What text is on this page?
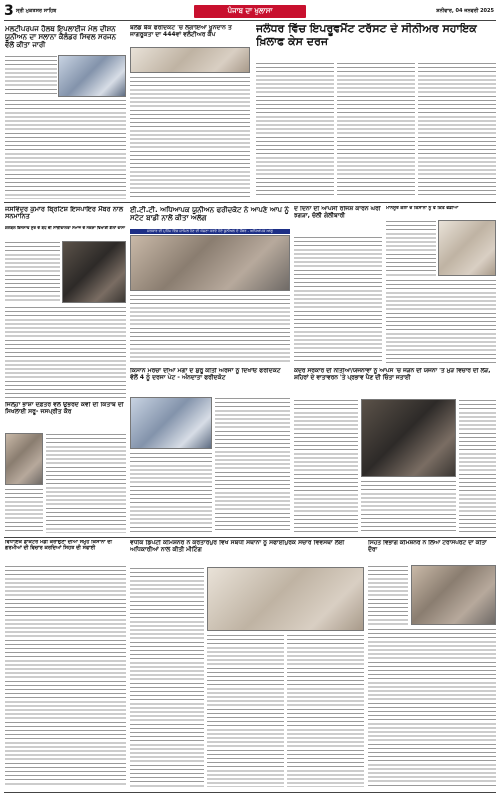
3 ਸ੍ਰੀ ਮੁਕਤਸਰ ਸਾਹਿਬ	ਪੰਜਾਬ ਦਾ ਖੁਲਾਸਾ	ਸ਼ਨੀਵਾਰ, 04 ਜਨਵਰੀ 2025
ਮਲਟੀਪਰਪਜ ਹੈਲਥ ਇਪਲਾਈਜ ਮੇਲ ਦੀਸ਼ਨ ਯੂਨੀਅਨ ਦਾ ਸਲਾਨਾ ਕੈਲੰਡਰ ਸਿਵਲ ਸਰਜਨ ਵੱਲੋਂ ਕੀਤਾ ਜਾਰੀ
ਬਲੱਡ ਬੈਂਕ ਫਰੀਦਕੋਟ 'ਚ ਲਗਾਇਆ ਖੂਨਦਾਨ ਤੇ ਜਾਗਰੂਕਤਾ ਦਾ 444ਵਾਂ ਵਲੰਟੀਅਰ ਕੈਂਪ	ਜਲੰਧਰ ਵਿੱਚ ਇਪਰੂਵਮੈਂਟ ਟਰੱਸਟ ਦੇ ਸੀਨੀਅਰ ਸਹਾਇਕ ਖ਼ਿਲਾਫ ਕੇਸ ਦਰਜ
ਜਸਵਿੰਦਰ ਕੁਮਾਰ ਬ੍ਰਿਟਿਸ਼ ਇਸਪਾਇਰ ਮੈਂਬਰ ਨਾਲ ਸਨਮਾਨਿਤ
ਗਲੋਬਲ ਇਨਸਾਫ ਸੁਰ ਦੇ ਬੋਧ ਦੀ ਸਾਂਝੀਵਾਲਤਾ ਸਮਾਜ ਦੇ ਨਕਸ਼ਾ ਵਿਖਾਈ ਗੱਲਾਂ ਵਾਸਾ
ਈ.ਟੀ.ਟੀ. ਅਧਿਆਪਕ ਯੂਨੀਅਨ ਫਰੀਦਕੋਟ ਨੇ ਆਪਣੇ ਆਪ ਨੂੰ ਸਟੇਟ ਬਾਡੀ ਨਾਲੋਂ ਕੀਤਾ ਅਲੱਗ
ਸਰਕਾਰ ਦੀ ਮੁਹਿੰਮ ਵਿੱਚ ਸ਼ਾਮਿਲ ਹੋਣ ਦੀ ਘੋਸ਼ਣਾ ਕਰਦੇ ਹੋਏ ਯੂਨੀਅਨ ਦੇ ਮੈਂਬਰ - ਅਧਿਆਪਕ ਆਗੂ
ਦੋ ਦਿਨਾਂ ਦੀ ਆਪਸੀ ਰੰਜਿਸ਼ ਕਾਰਨ ਘਰੀ ਝਗੜਾ, ਚੱਲੀ ਗੋਲੀਬਾਰੀ
ਮਾਨਸੂਰ ਕਲਾਂ ਦੇ ਕਿਸਾਨਾਂ ਨੂੰ ਫੈ ਕਿੱਤੇ ਵੰਡੀਆਂ
ਜਿਲ੍ਹਾ ਭਾਸ਼ਾ ਦਫ਼ਤਰ ਵੱਲੋਂ ਉਭਰਦੇ ਕਵੀ ਦੀ ਕਿਤਾਬ ਦੀ ਸਿਖਲਾਈ ਸਰੂ- ਜਸਪ੍ਰੀਤ ਕੌਰ
ਕਿਸਾਨ ਮੋਰਚਾ ਦੀਆਂ ਮੰਗਾਂ ਦੇ ਸ਼ੁਰੂ ਕੀਤੀ ਅਰਜਾਂ ਨੂੰ ਦਿਖਾਓਂ ਫਰੀਦਕੋਟ ਵੱਲੋਂ 4 ਨੂੰ ਦਰਜਾ ਪੇਟ - ਅੰਨਦਾਤਾ ਫਰੀਦਕੋਟ
ਕੇਂਦਰ ਸਰਕਾਰ ਦੀ ਨੀਤੀਆਂ/ਯੋਜਨਾਵਾਂ ਨੂੰ ਆਪਸ 'ਚ ਜੋੜਨ ਦੀ ਯੋਜਨਾ 'ਤੇ ਮੁੜ ਵਿਚਾਰ ਦੀ ਲੋੜ, ਸ਼ਹਿਰਾਂ ਦੇ ਵਾਤਾਵਰਨ 'ਤੇ ਪ੍ਰਭਾਵ ਪੈਣ ਦੀ ਚਿੰਤਾ ਜਤਾਈ
ਵਿਧਾਇਕ ਡਾਕਟਰ ਮੰਡੀ ਕਰਾਉਣਾ ਦੀਆਂ ਸਮੂਹ ਕਿਸਾਨਾਂ ਦੀ ਗਰਮੀਆਂ ਦੀ ਵਿਚਾਰ ਕਰਦਿਆਂ ਸਿਹਤ ਦੀ ਸਫਾਈ
ਵਧੀਕ ਡਿਪਟੀ ਕਮਿਸ਼ਨਰ ਨੇ ਕਰਤਾਰਪੁਰ ਵਿਖੇ ਸਬੰਧੀ ਸਥਾਨਾਂ ਨੂੰ ਸਫਾਈਪੁਰਕ ਸੰਚਾਰ ਵਿਵਸਥਾ ਲਈ ਅਧਿਕਾਰੀਆਂ ਨਾਲ ਕੀਤੀ ਮੀਟਿੰਗ
ਸਿਹਤ ਵਿਭਾਗ ਕਮਿਸ਼ਨਰ ਨੇ ਲਿਆ ਟਰਾਂਸਪੋਰਟ ਦਾ ਕੀਤਾ ਦੌਰਾ
